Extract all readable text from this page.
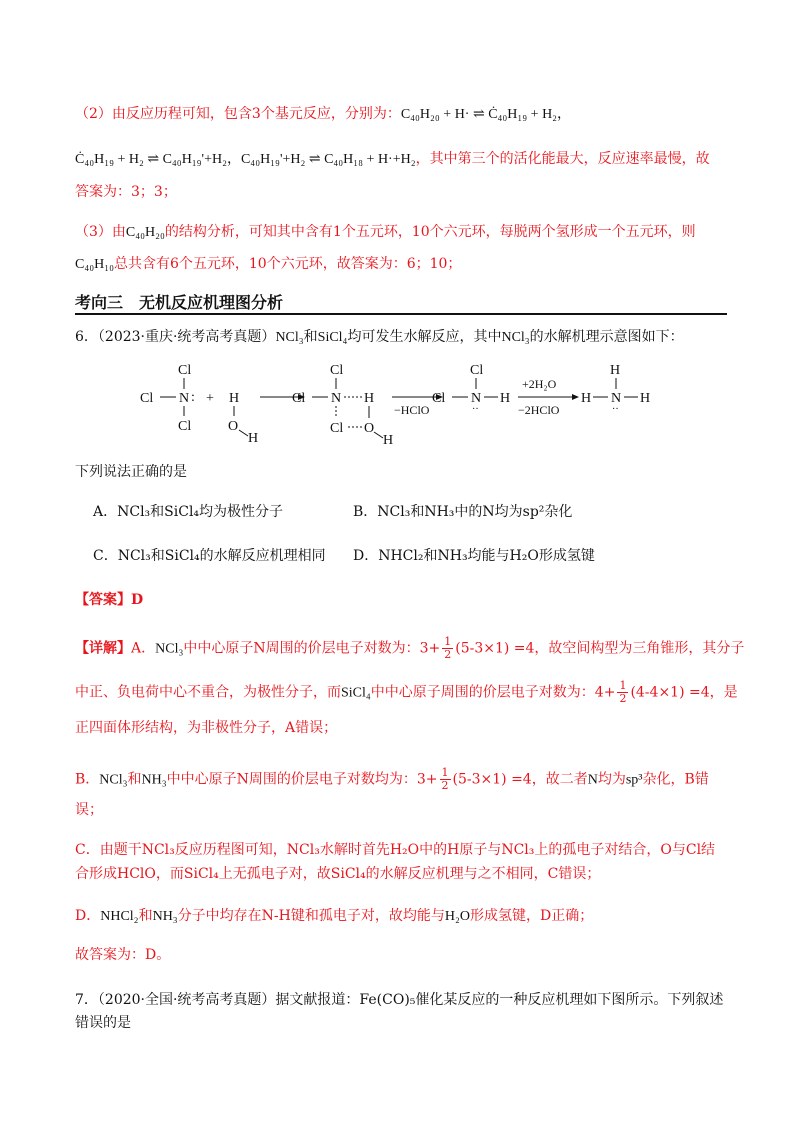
（2）由反应历程可知，包含3个基元反应，分别为：C₄₀H₂₀ + H· ⇌ Ċ₄₀H₁₉ + H₂，
Ċ₄₀H₁₉ + H₂ ⇌ C₄₀H₁₉'+H₂，C₄₀H₁₉'+H₂ ⇌ C₄₀H₁₈ + H·+H₂，其中第三个的活化能最大，反应速率最慢，故
答案为：3；3；
（3）由C₄₀H₂₀的结构分析，可知其中含有1个五元环，10个六元环，每脱两个氢形成一个五元环，则
C₄₀H₁₀总共含有6个五元环，10个六元环，故答案为：6；10；
考向三　无机反应机理图分析
6．（2023·重庆·统考高考真题）NCl₃和SiCl₄均可发生水解反应，其中NCl₃的水解机理示意图如下：
Cl
Cl N :
Cl
+ H
O
H
Cl
Cl N H
Cl O
H
−HClO
Cl
Cl N
··
H
+2H₂O
−2HClO
H
H N
··
H
下列说法正确的是
A．NCl₃和SiCl₄均为极性分子	B．NCl₃和NH₃中的N均为sp²杂化
C．NCl₃和SiCl₄的水解反应机理相同 D．NHCl₂和NH₃均能与H₂O形成氢键
【答案】D
【详解】A．NCl₃中中心原子N周围的价层电子对数为：$3+ \frac{1}{2} (5-3\times 1) =4$，故空间构型为三角锥形，其分子
中正、负电荷中心不重合，为极性分子，而SiCl₄中中心原子周围的价层电子对数为：$4+ \frac{1}{2} (4-4\times 1) =4$，是
正四面体形结构，为非极性分子，A错误；
B．NCl₃和NH₃中中心原子N周围的价层电子对数均为：$3+ \frac{1}{2} (5-3\times 1) =4$，故二者N均为sp³杂化，B错
误；
C．由题干NCl₃反应历程图可知，NCl₃水解时首先H₂O中的H原子与NCl₃上的孤电子对结合，O与Cl结
合形成HClO，而SiCl₄上无孤电子对，故SiCl₄的水解反应机理与之不相同，C错误；
D．NHCl₂和NH₃分子中均存在N-H键和孤电子对，故均能与H₂O形成氢键，D正确；
故答案为：D。
7．（2020·全国·统考高考真题）据文献报道：Fe(CO)₅催化某反应的一种反应机理如下图所示。下列叙述
错误的是
